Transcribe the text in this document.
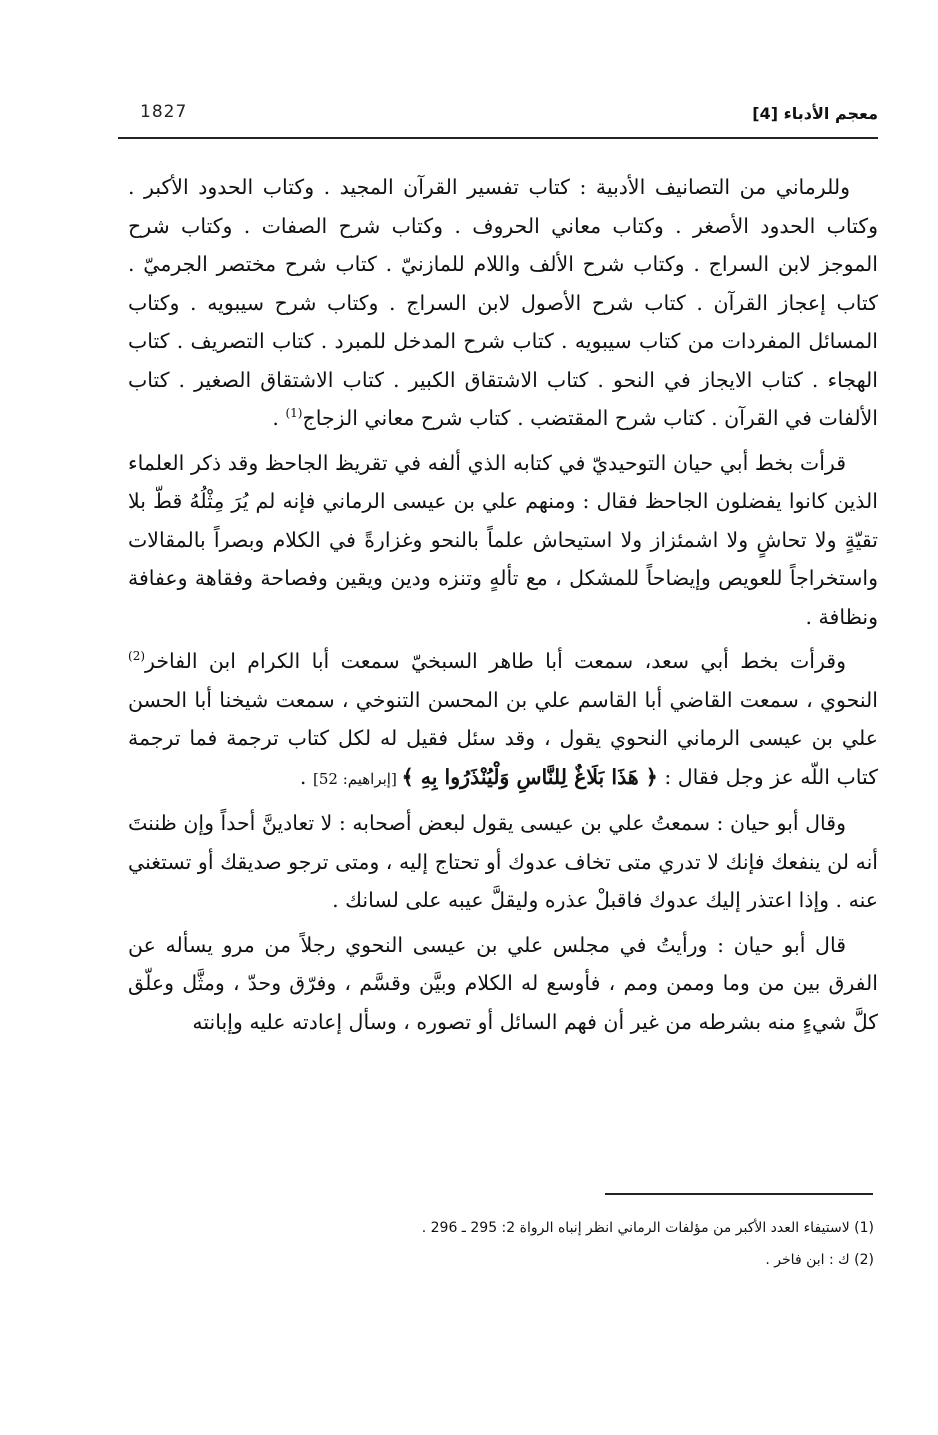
1827	معجم الأدباء [4]

وللرماني من التصانيف الأدبية : كتاب تفسير القرآن المجيد . وكتاب الحدود الأكبر . وكتاب الحدود الأصغر . وكتاب معاني الحروف . وكتاب شرح الصفات . وكتاب شرح الموجز لابن السراج . وكتاب شرح الألف واللام للمازنيّ . كتاب شرح مختصر الجرميّ . كتاب إعجاز القرآن . كتاب شرح الأصول لابن السراج . وكتاب شرح سيبويه . وكتاب المسائل المفردات من كتاب سيبويه . كتاب شرح المدخل للمبرد . كتاب التصريف . كتاب الهجاء . كتاب الايجاز في النحو . كتاب الاشتقاق الكبير . كتاب الاشتقاق الصغير . كتاب الألفات في القرآن . كتاب شرح المقتضب . كتاب شرح معاني الزجاج$^{(1)}$ .

قرأت بخط أبي حيان التوحيديّ في كتابه الذي ألفه في تقريظ الجاحظ وقد ذكر العلماء الذين كانوا يفضلون الجاحظ فقال : ومنهم علي بن عيسى الرماني فإنه لم يُرَ مِثْلُهُ قطّ بلا تقيّةٍ ولا تحاشٍ ولا اشمئزاز ولا استيحاش علماً بالنحو وغزارةً في الكلام وبصراً بالمقالات واستخراجاً للعويص وإيضاحاً للمشكل ، مع تألهٍ وتنزه ودين ويقين وفصاحة وفقاهة وعفافة ونظافة .

وقرأت بخط أبي سعد، سمعت أبا طاهر السبخيّ سمعت أبا الكرام ابن الفاخر$^{(2)}$ النحوي ، سمعت القاضي أبا القاسم علي بن المحسن التنوخي ، سمعت شيخنا أبا الحسن علي بن عيسى الرماني النحوي يقول ، وقد سئل فقيل له لكل كتاب ترجمة فما ترجمة كتاب اللّه عز وجل فقال : ﴿ هَذَا بَلَاغٌ لِلنَّاسِ وَلْيُنْذَرُوا بِهِ ﴾ [إبراهيم: 52] .

وقال أبو حيان : سمعتُ علي بن عيسى يقول لبعض أصحابه : لا تعادينَّ أحداً وإن ظننتَ أنه لن ينفعك فإنك لا تدري متى تخاف عدوك أو تحتاج إليه ، ومتى ترجو صديقك أو تستغني عنه . وإذا اعتذر إليك عدوك فاقبلْ عذره وليقلَّ عيبه على لسانك .

قال أبو حيان : ورأيتُ في مجلس علي بن عيسى النحوي رجلاً من مرو يسأله عن الفرق بين من وما وممن ومم ، فأوسع له الكلام وبيَّن وقسَّم ، وفرّق وحدّ ، ومثَّل وعلّق كلَّ شيءٍ منه بشرطه من غير أن فهم السائل أو تصوره ، وسأل إعادته عليه وإبانته

(1) لاستيفاء العدد الأكبر من مؤلفات الرماني انظر إنباه الرواة 2: 295 ـ 296 .
(2) ك : ابن فاخر .
